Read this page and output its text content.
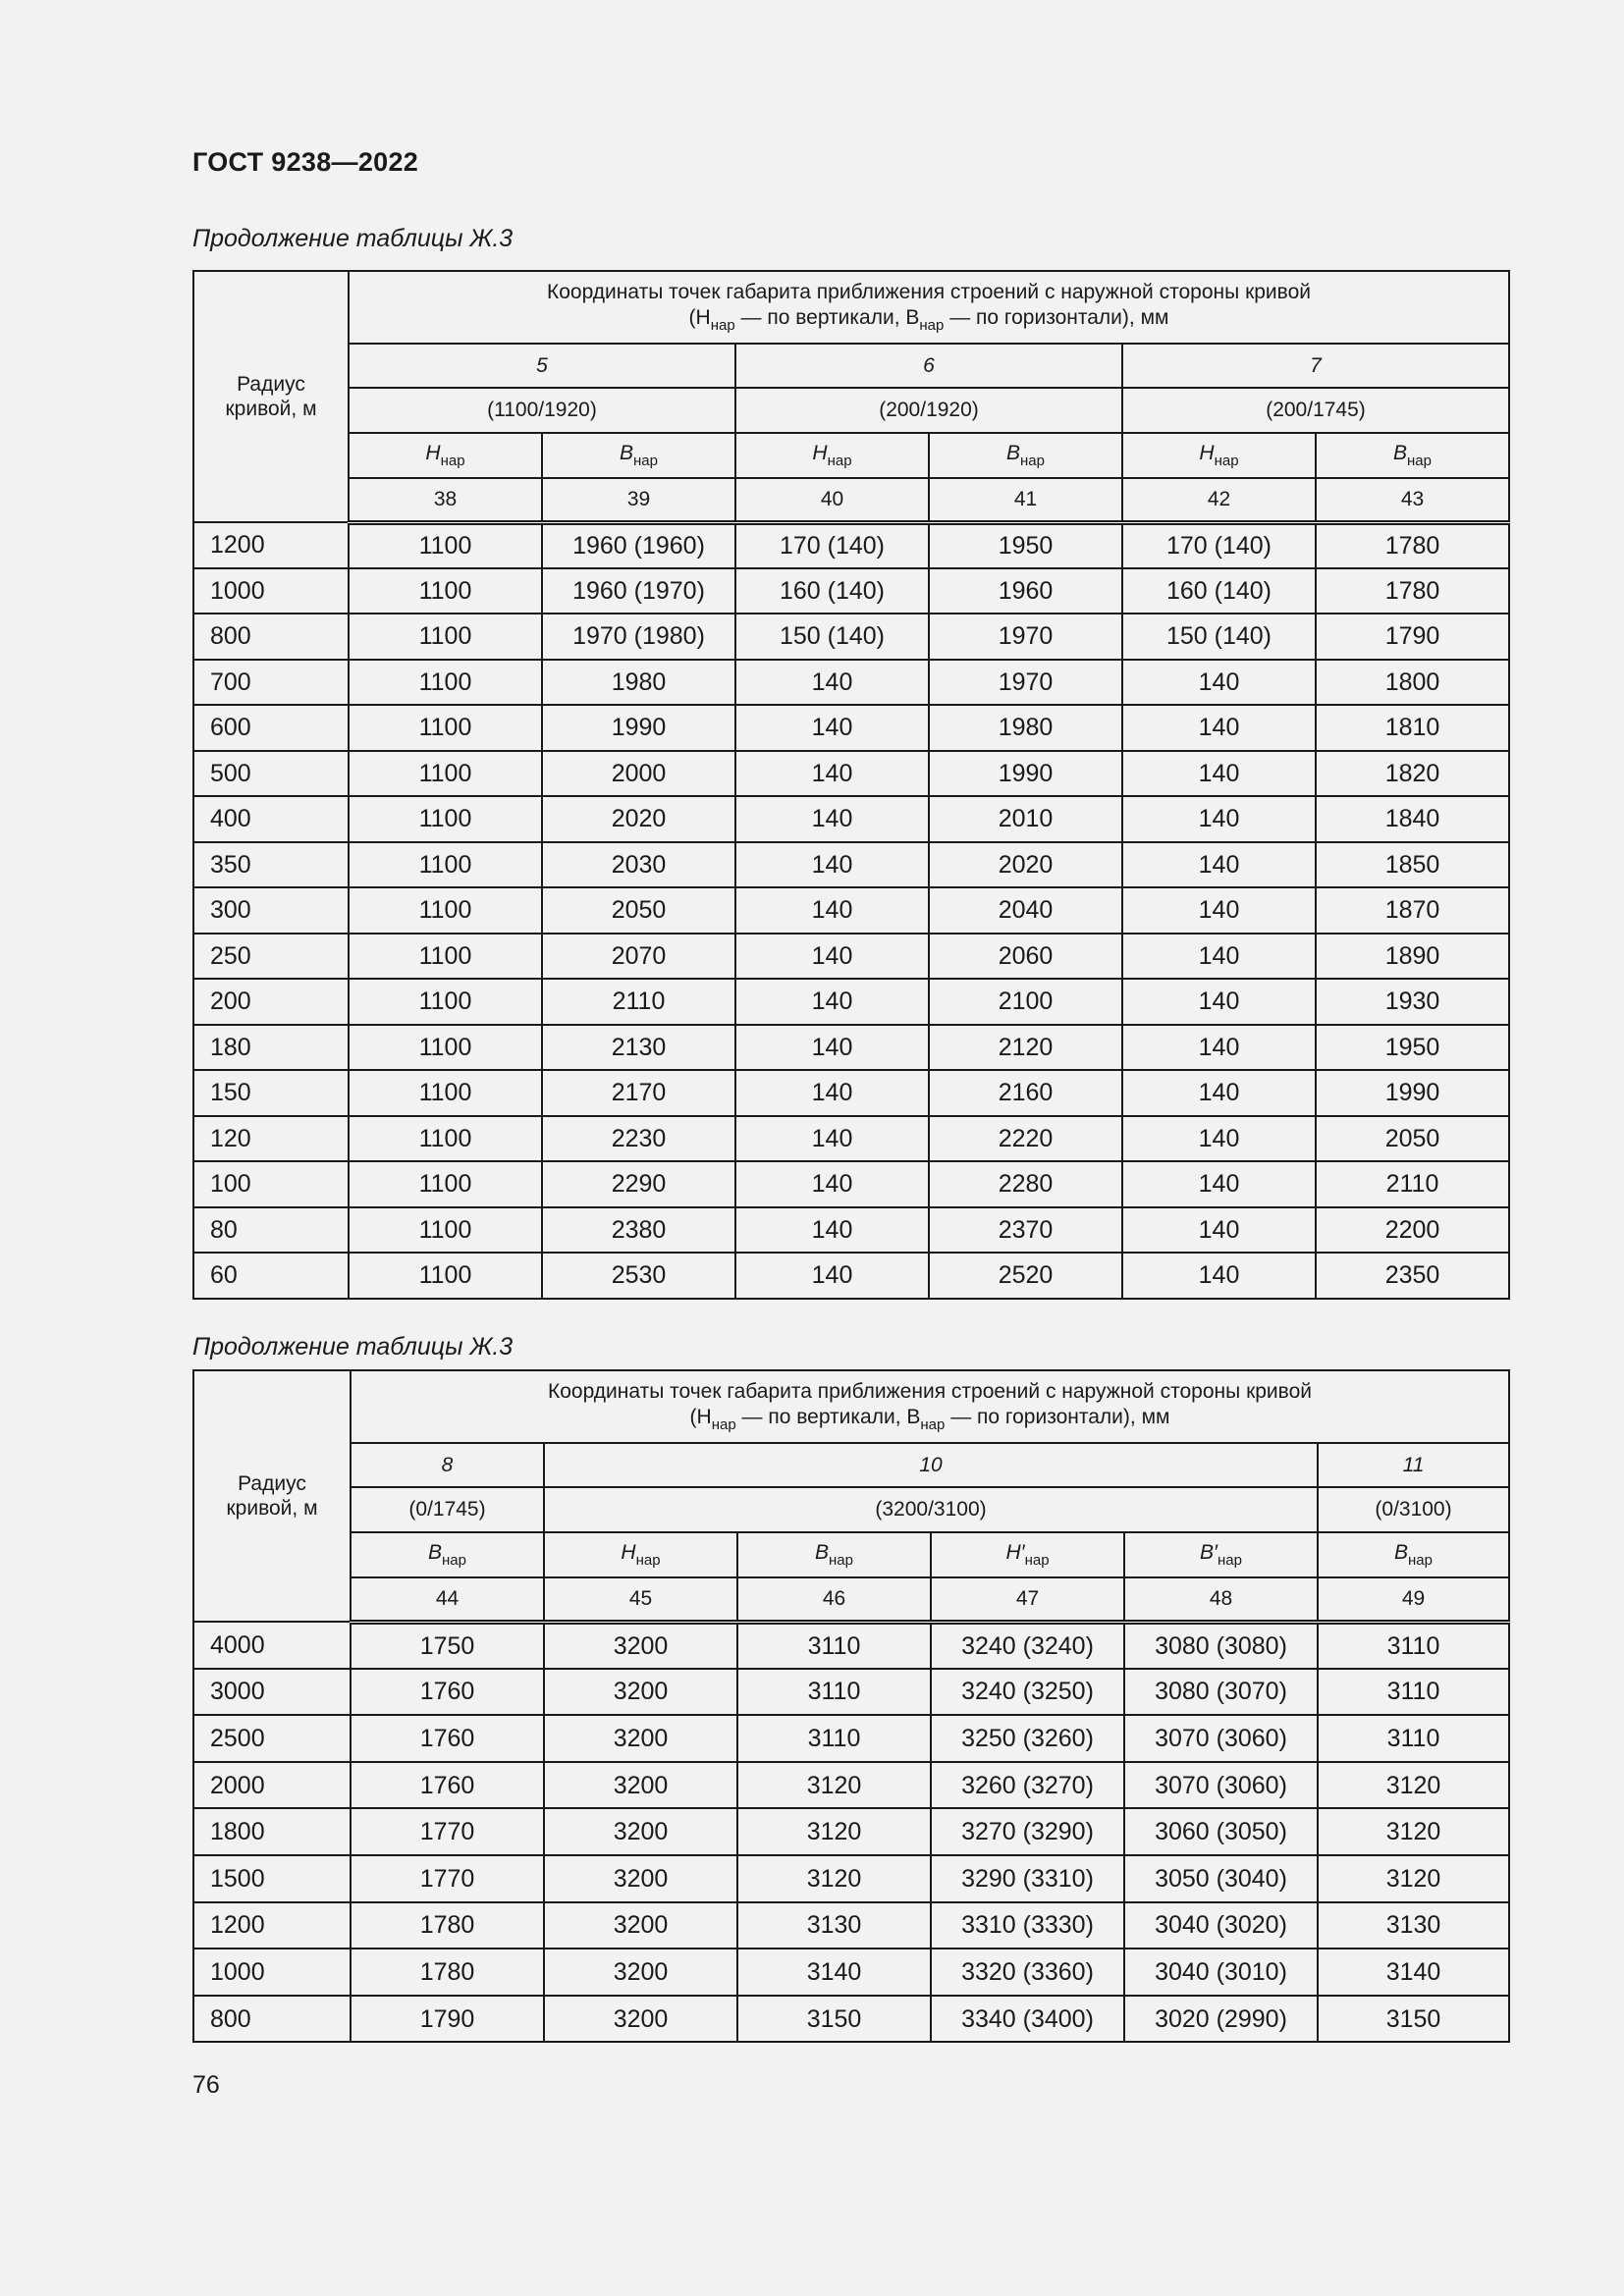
ГОСТ 9238—2022
Продолжение таблицы Ж.3
Радиус кривой, м	Координаты точек габарита приближения строений с наружной стороны кривой
($H_{нар}$ — по вертикали, $B_{нар}$ — по горизонтали), мм					

	5		6		7	
	(1100/1920)		(200/1920)		(200/1745)	
	$H_{нар}$	$B_{нар}$	$H_{нар}$	$B_{нар}$	$H_{нар}$	$B_{нар}$
	38	39	40	41	42	43
1200	1100	1960 (1960)	170 (140)	1950	170 (140)	1780
1000	1100	1960 (1970)	160 (140)	1960	160 (140)	1780
800	1100	1970 (1980)	150 (140)	1970	150 (140)	1790
700	1100	1980	140	1970	140	1800
600	1100	1990	140	1980	140	1810
500	1100	2000	140	1990	140	1820
400	1100	2020	140	2010	140	1840
350	1100	2030	140	2020	140	1850
300	1100	2050	140	2040	140	1870
250	1100	2070	140	2060	140	1890
200	1100	2110	140	2100	140	1930
180	1100	2130	140	2120	140	1950
150	1100	2170	140	2160	140	1990
120	1100	2230	140	2220	140	2050
100	1100	2290	140	2280	140	2110
80	1100	2380	140	2370	140	2200
60	1100	2530	140	2520	140	2350
Продолжение таблицы Ж.3
Радиус кривой, м	Координаты точек габарита приближения строений с наружной стороны кривой
($H_{нар}$ — по вертикали, $B_{нар}$ — по горизонтали), мм					

	8	10				11
	(0/1745)	(3200/3100)				(0/3100)
	$B_{нар}$	$H_{нар}$	$B_{нар}$	$H'_{нар}$	$B'_{нар}$	$B_{нар}$
	44	45	46	47	48	49
4000	1750	3200	3110	3240 (3240)	3080 (3080)	3110
3000	1760	3200	3110	3240 (3250)	3080 (3070)	3110
2500	1760	3200	3110	3250 (3260)	3070 (3060)	3110
2000	1760	3200	3120	3260 (3270)	3070 (3060)	3120
1800	1770	3200	3120	3270 (3290)	3060 (3050)	3120
1500	1770	3200	3120	3290 (3310)	3050 (3040)	3120
1200	1780	3200	3130	3310 (3330)	3040 (3020)	3130
1000	1780	3200	3140	3320 (3360)	3040 (3010)	3140
800	1790	3200	3150	3340 (3400)	3020 (2990)	3150
76
